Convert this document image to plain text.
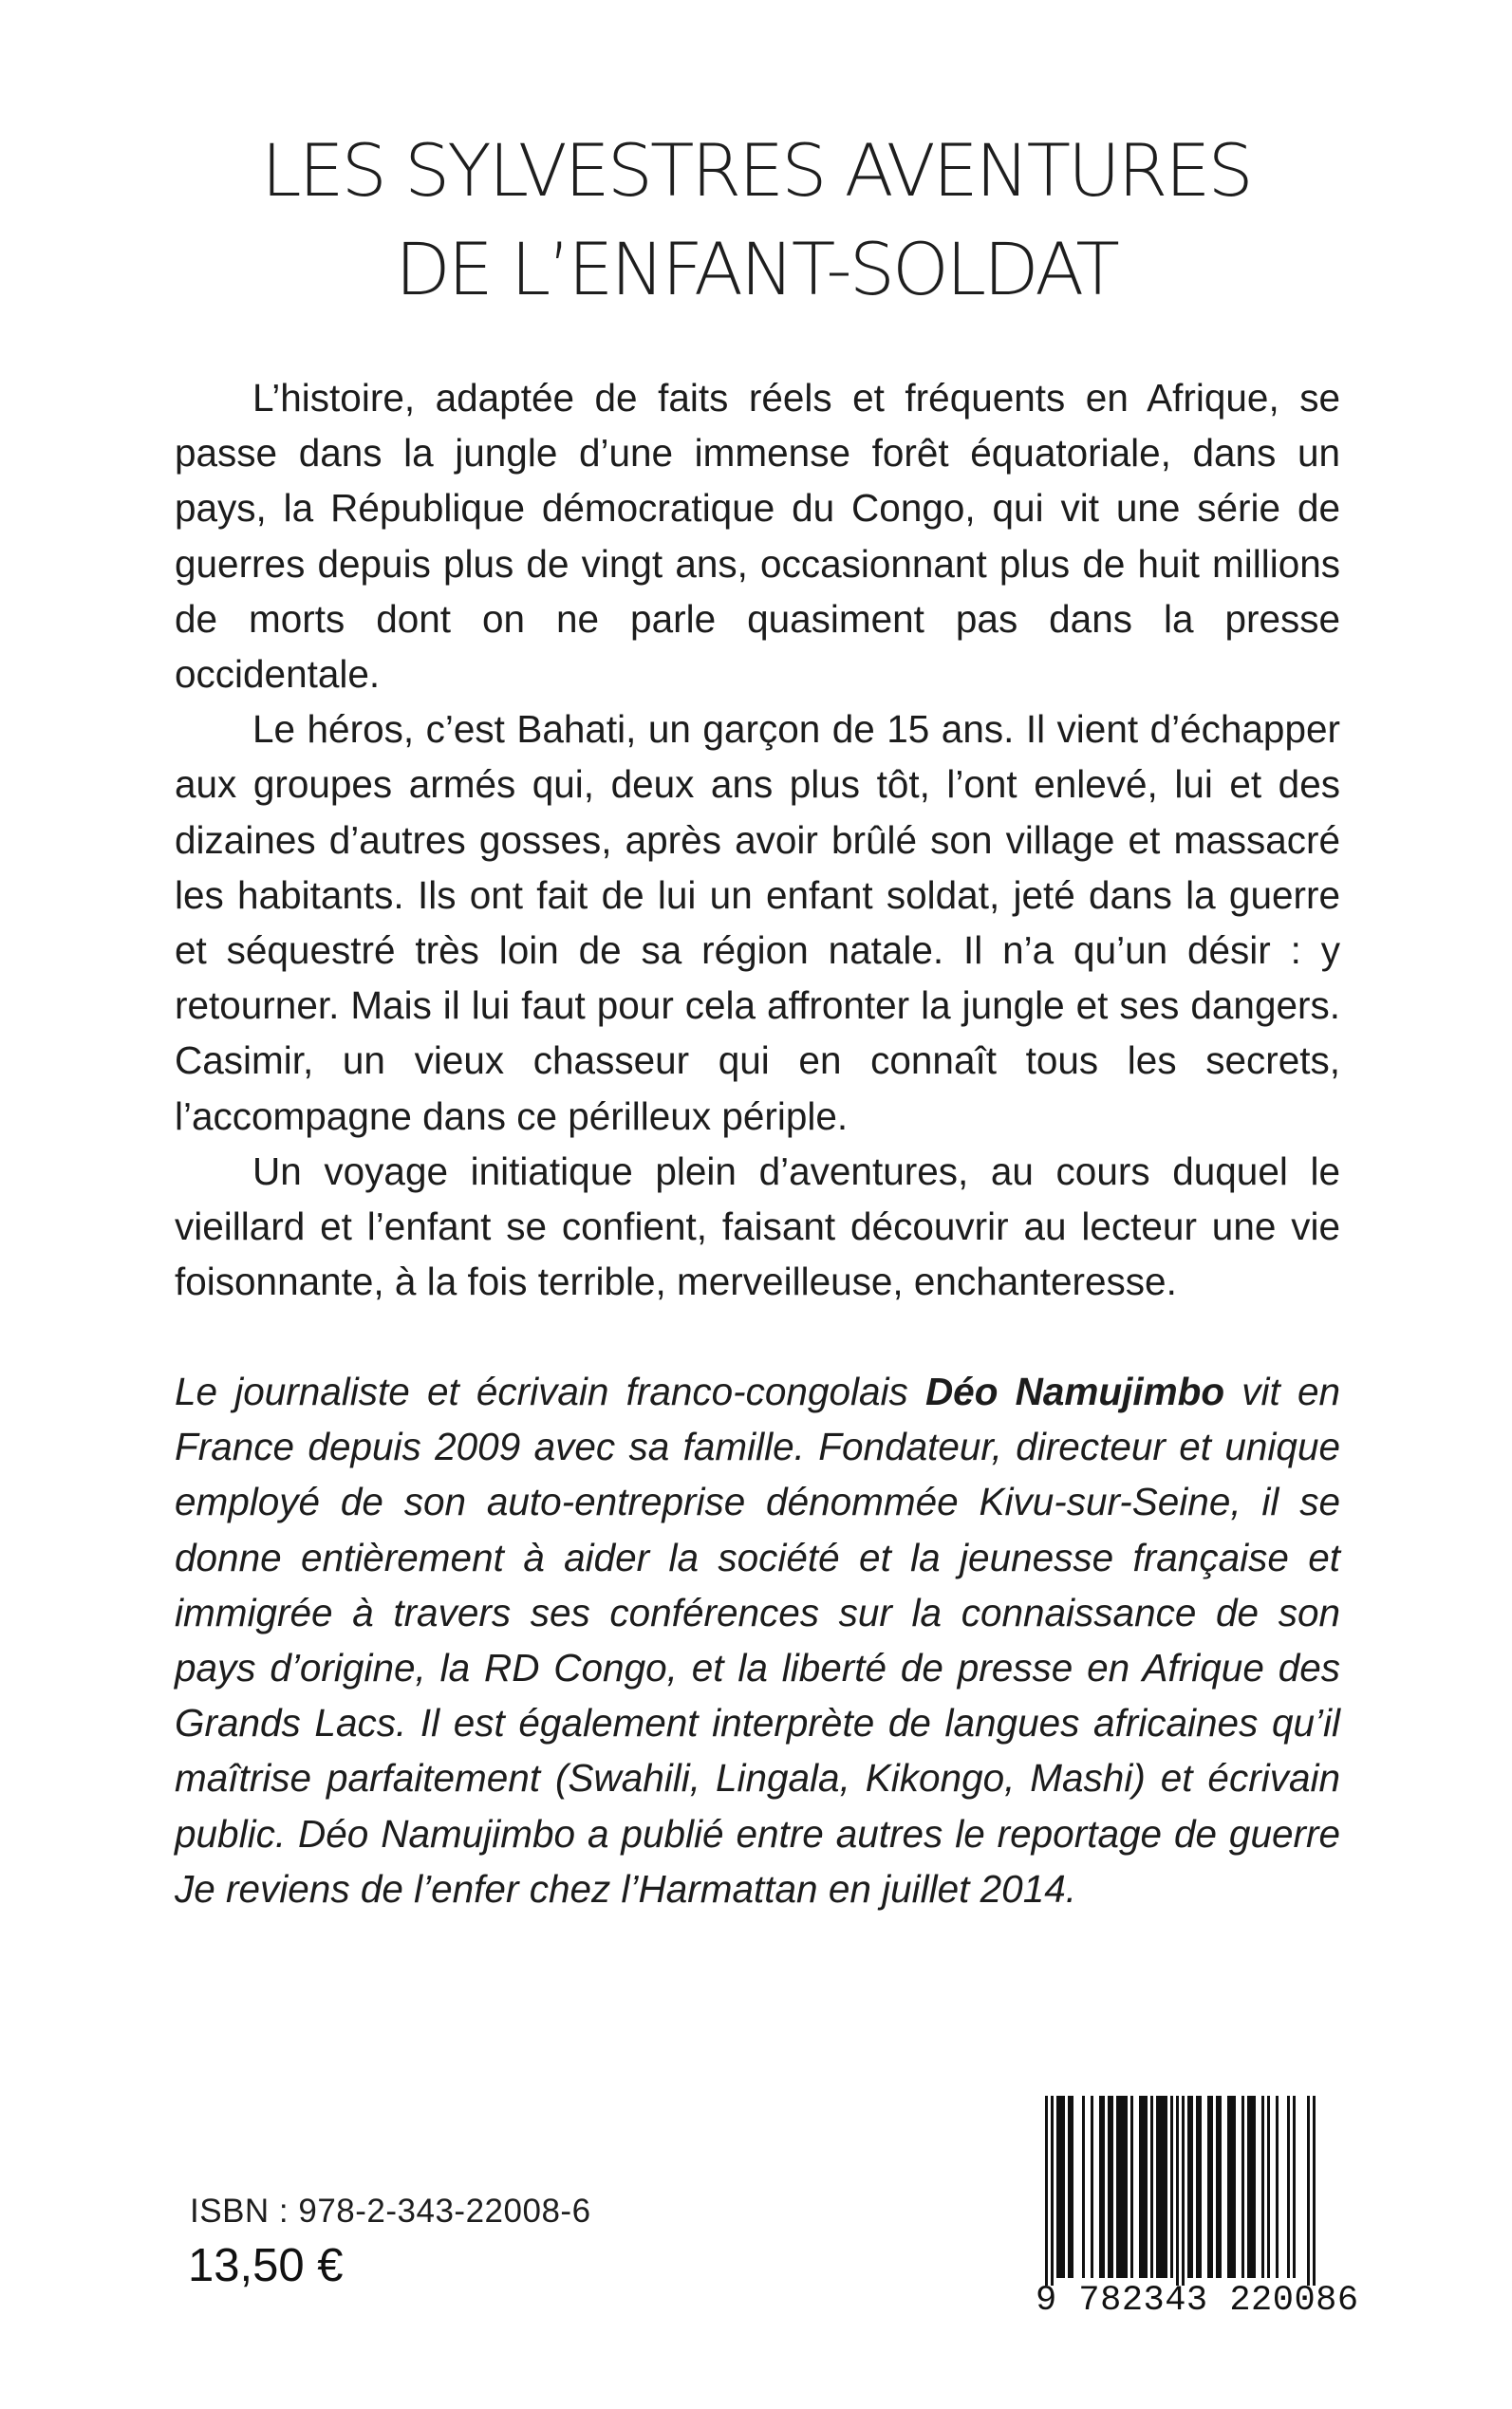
LES SYLVESTRES AVENTURES
DE L’ENFANT-SOLDAT

L’histoire, adaptée de faits réels et fréquents en Afrique, se passe dans la jungle d’une immense forêt équatoriale, dans un pays, la République démocratique du Congo, qui vit une série de guerres depuis plus de vingt ans, occasionnant plus de huit millions de morts dont on ne parle quasiment pas dans la presse occidentale.

Le héros, c’est Bahati, un garçon de 15 ans. Il vient d’échapper aux groupes armés qui, deux ans plus tôt, l’ont enlevé, lui et des dizaines d’autres gosses, après avoir brûlé son village et massacré les habitants. Ils ont fait de lui un enfant soldat, jeté dans la guerre et séquestré très loin de sa région natale. Il n’a qu’un désir : y retourner. Mais il lui faut pour cela affronter la jungle et ses dangers. Casimir, un vieux chasseur qui en connaît tous les secrets, l’accompagne dans ce périlleux périple.

Un voyage initiatique plein d’aventures, au cours duquel le vieillard et l’enfant se confient, faisant découvrir au lecteur une vie foisonnante, à la fois terrible, merveilleuse, enchanteresse.

Le journaliste et écrivain franco-congolais Déo Namujimbo vit en France depuis 2009 avec sa famille. Fondateur, directeur et unique employé de son auto-entreprise dénommée Kivu-sur-Seine, il se donne entièrement à aider la société et la jeunesse française et immigrée à travers ses conférences sur la connaissance de son pays d’origine, la RD Congo, et la liberté de presse en Afrique des Grands Lacs. Il est également interprète de langues africaines qu’il maîtrise parfaitement (Swahili, Lingala, Kikongo, Mashi) et écrivain public. Déo Namujimbo a publié entre autres le reportage de guerre Je reviens de l’enfer chez l’Harmattan en juillet 2014.
ISBN : 978-2-343-22008-6
13,50 €
9 782343 220086
